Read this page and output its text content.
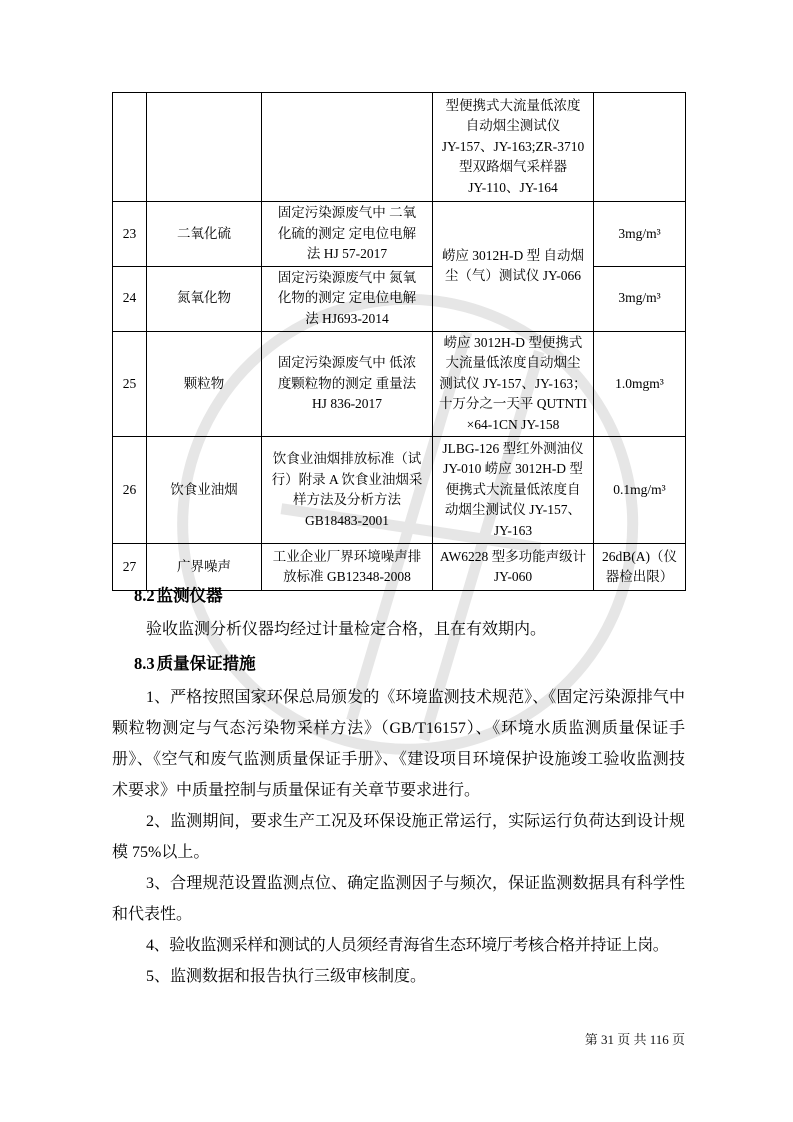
			型便携式大流量低浓度
自动烟尘测试仪
JY-157、JY-163;ZR-3710
型双路烟气采样器
JY-110、JY-164	
23	二氧化硫	固定污染源废气中 二氧
化硫的测定 定电位电解
法 HJ 57-2017	崂应 3012H-D 型 自动烟
尘（气）测试仪 JY-066	3mg/m³
24	氮氧化物	固定污染源废气中 氮氧
化物的测定 定电位电解
法 HJ693-2014		3mg/m³
25	颗粒物	固定污染源废气中 低浓
度颗粒物的测定 重量法
HJ 836-2017	崂应 3012H-D 型便携式
大流量低浓度自动烟尘
测试仪 JY-157、JY-163；
十万分之一天平 QUTNTI
×64-1CN JY-158	1.0mgm³
26	饮食业油烟	饮食业油烟排放标准（试
行）附录 A 饮食业油烟采
样方法及分析方法
GB18483-2001	JLBG-126 型红外测油仪
JY-010 崂应 3012H-D 型
便携式大流量低浓度自
动烟尘测试仪 JY-157、
JY-163	0.1mg/m³
27	广界噪声	工业企业厂界环境噪声排
放标准 GB12348-2008	AW6228 型多功能声级计
JY-060	26dB(A)（仪
器检出限）
8.2 监测仪器

验收监测分析仪器均经过计量检定合格，且在有效期内。

8.3 质量保证措施

1、严格按照国家环保总局颁发的《环境监测技术规范》、《固定污染源排气中颗粒物测定与气态污染物采样方法》（GB/T16157）、《环境水质监测质量保证手册》、《空气和废气监测质量保证手册》、《建设项目环境保护设施竣工验收监测技术要求》中质量控制与质量保证有关章节要求进行。

2、监测期间，要求生产工况及环保设施正常运行，实际运行负荷达到设计规模 75%以上。

3、合理规范设置监测点位、确定监测因子与频次，保证监测数据具有科学性和代表性。

4、验收监测采样和测试的人员须经青海省生态环境厅考核合格并持证上岗。

5、监测数据和报告执行三级审核制度。

第 31 页 共 116 页
